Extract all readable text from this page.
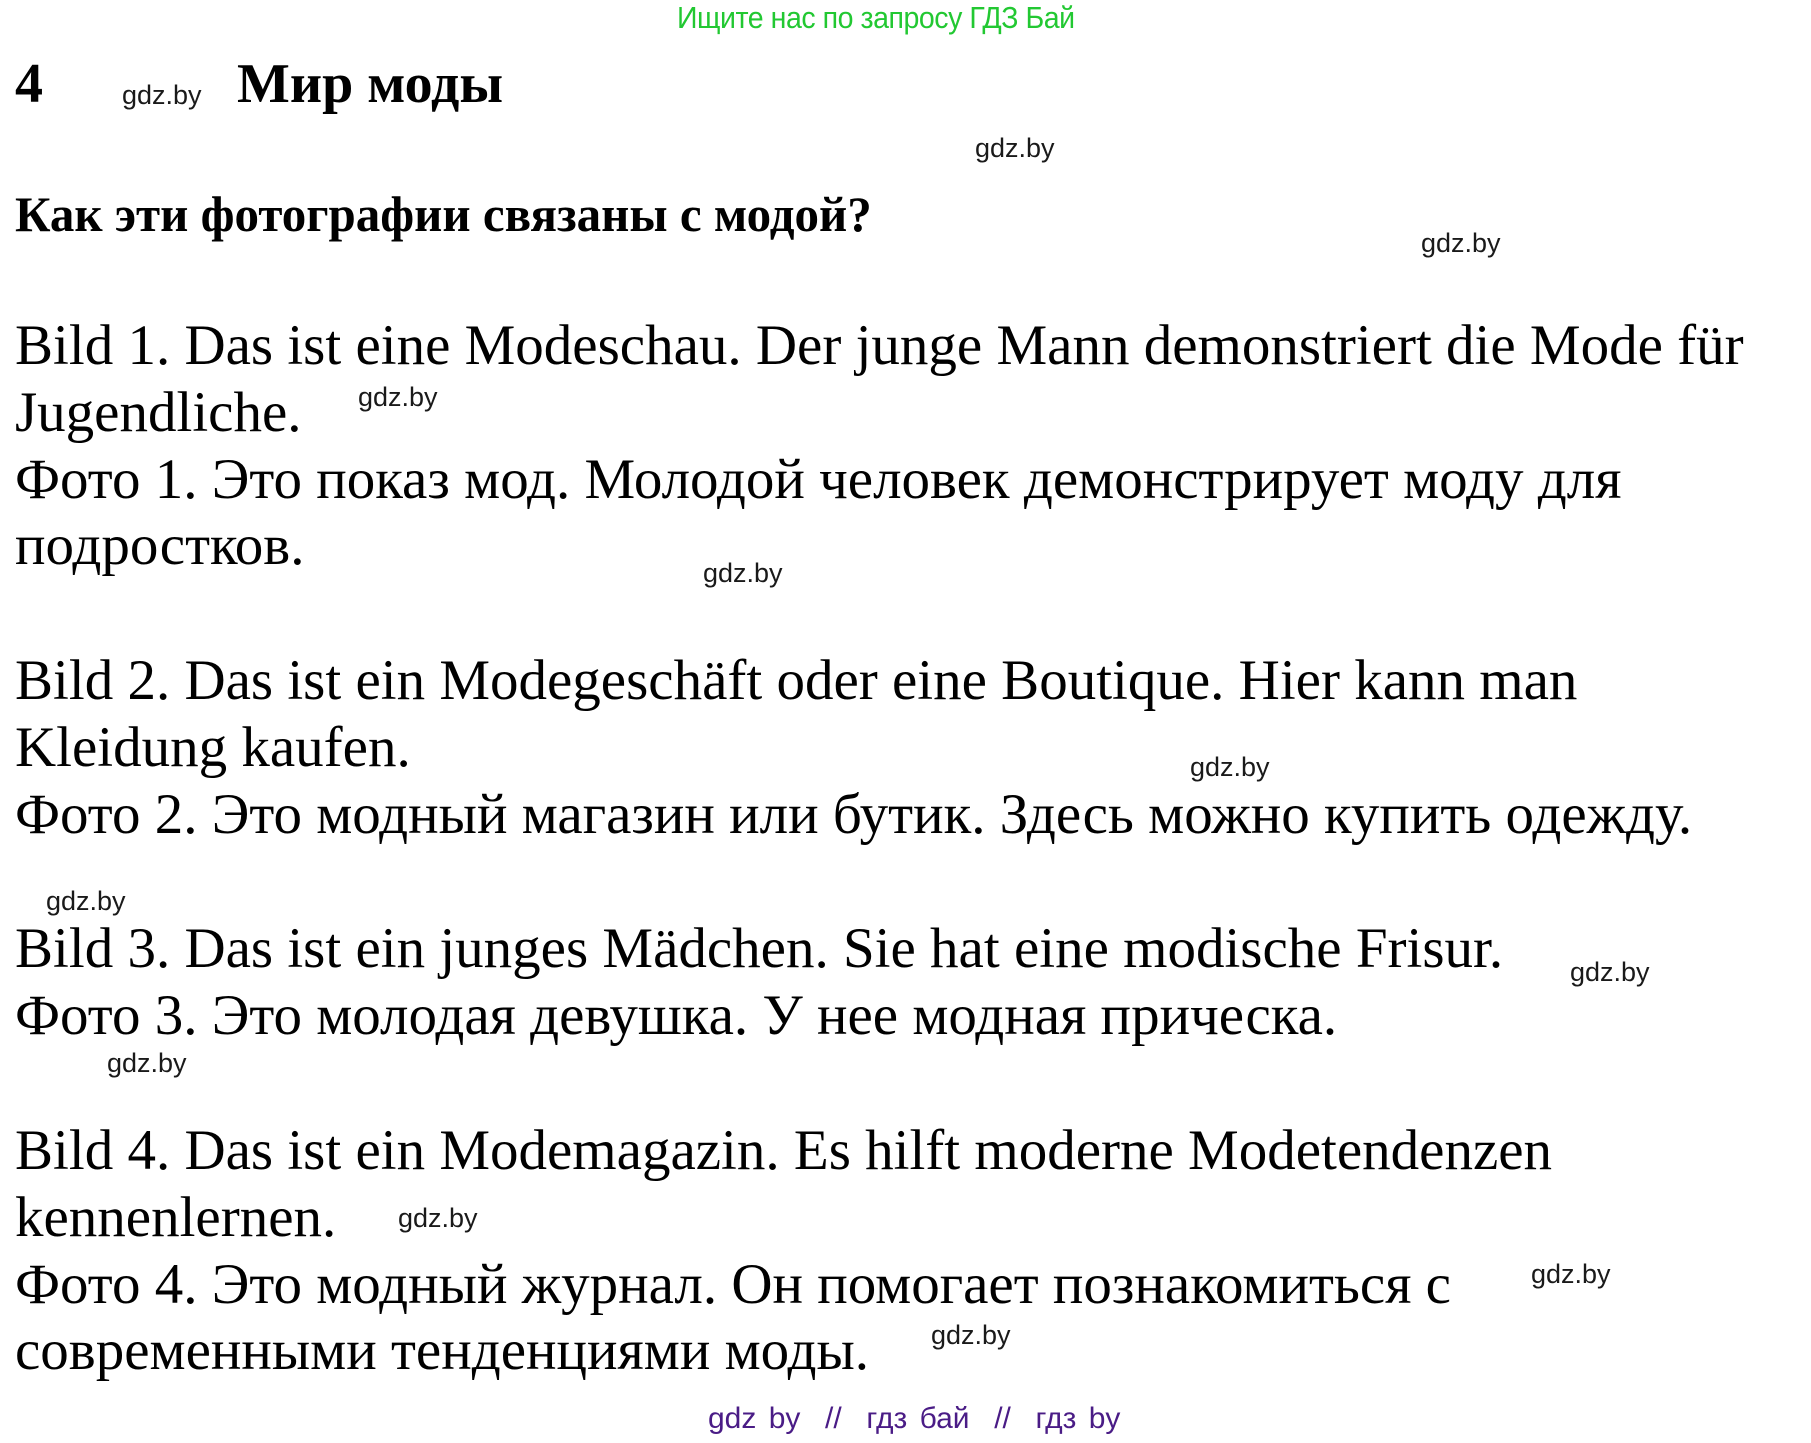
Ищите нас по запросу ГДЗ Бай
4	gdz.by Мир моды
gdz.by
Как эти фотографии связаны с модой?
gdz.by
Bild 1. Das ist eine Modeschau. Der junge Mann demonstriert die Mode für
Jugendliche.
Фото 1. Это показ мод. Молодой человек демонстрирует моду для
подростков.
gdz.by
gdz.by
Bild 2. Das ist ein Modegeschäft oder eine Boutique. Hier kann man
Kleidung kaufen.
Фото 2. Это модный магазин или бутик. Здесь можно купить одежду.
gdz.by
gdz.by
Bild 3. Das ist ein junges Mädchen. Sie hat eine modische Frisur.
Фото 3. Это молодая девушка. У нее модная прическа.
gdz.by
gdz.by
Bild 4. Das ist ein Modemagazin. Es hilft moderne Modetendenzen
kennenlernen.
Фото 4. Это модный журнал. Он помогает познакомиться с
современными тенденциями моды.
gdz.by
gdz.by
gdz.by
gdz by  //  гдз бай  //  гдз by
